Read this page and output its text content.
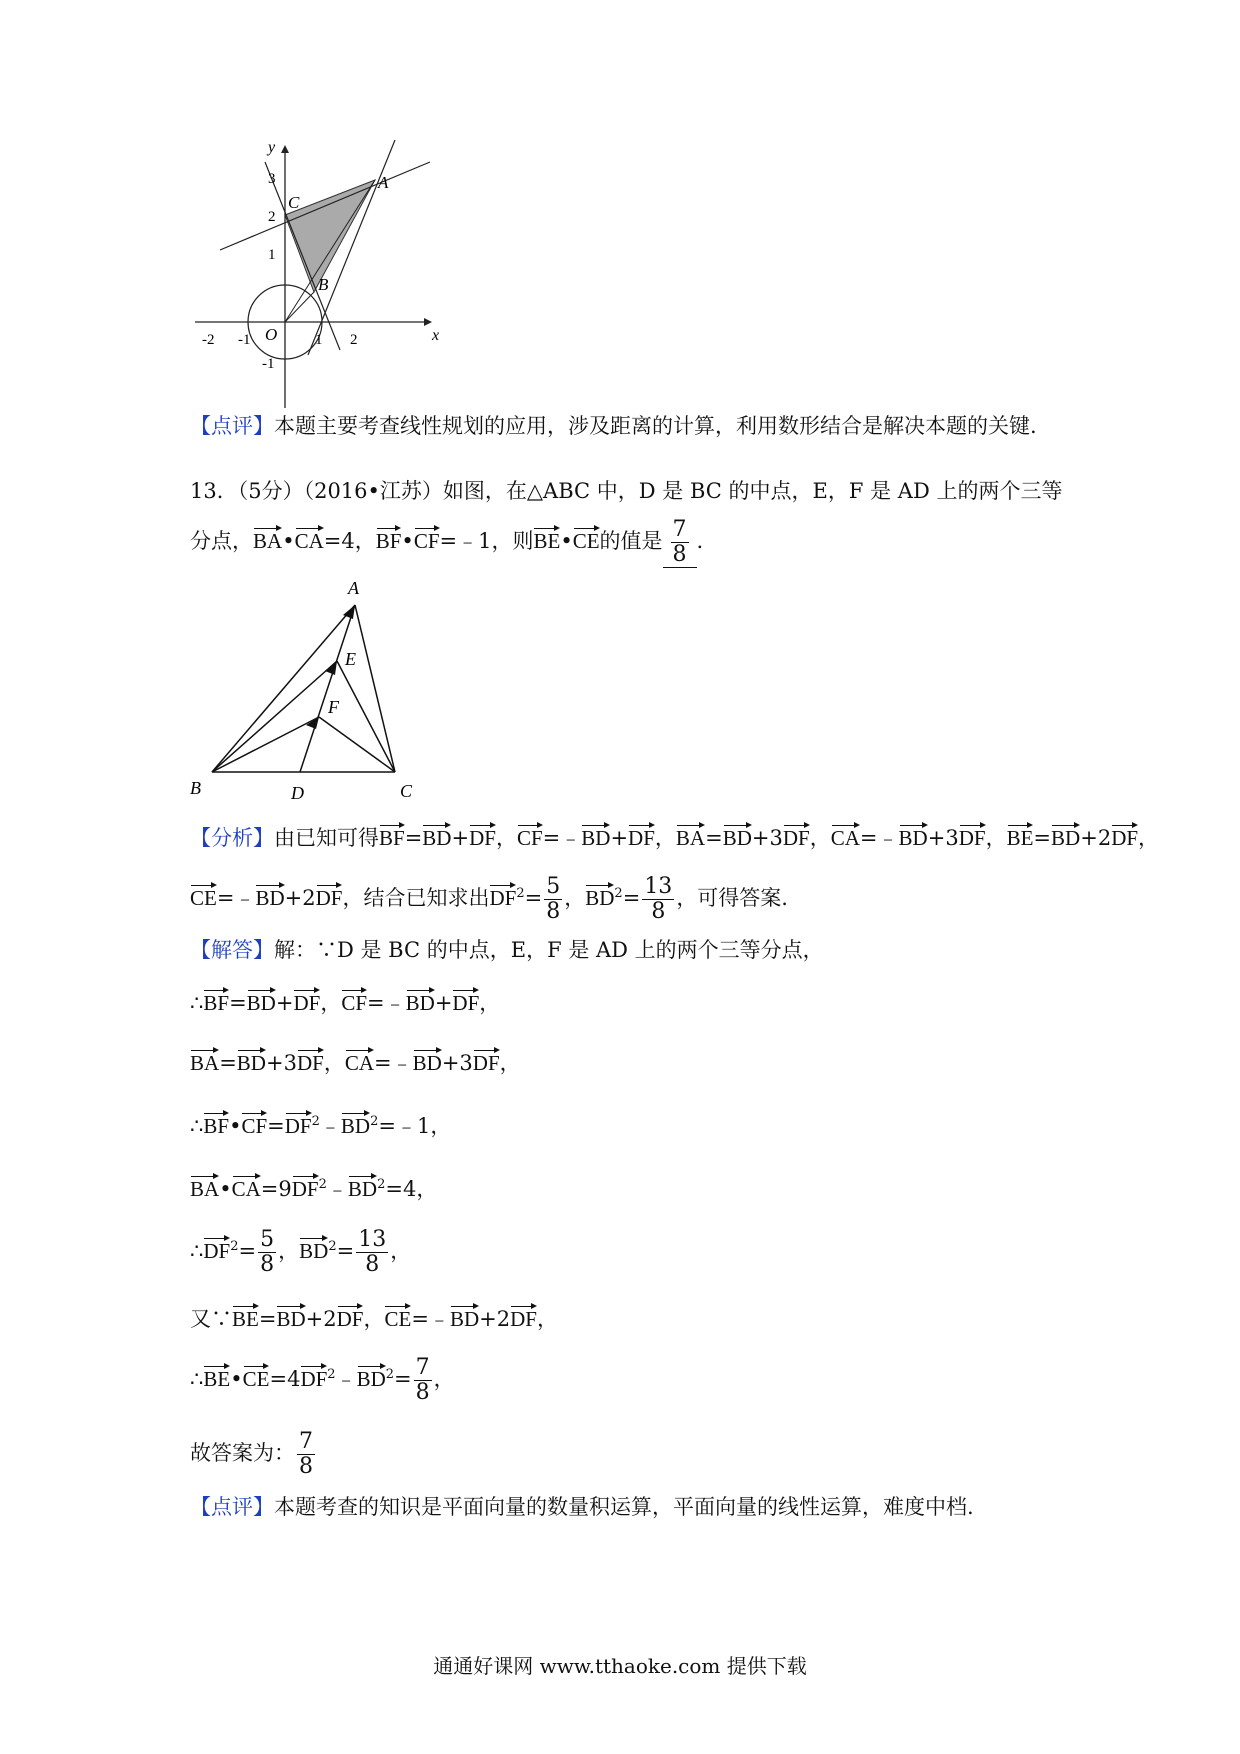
y
x
O
-2 -1	1 2
3
2
1
-1
A
B
C
【点评】本题主要考查线性规划的应用，涉及距离的计算，利用数形结合是解决本题的关键.
13．（5分）（2016•江苏）如图，在△ABC 中，D 是 BC 的中点，E，F 是 AD 上的两个三等
分点，BA•CA=4，BF•CF=﹣1，则BE•CE的值是 $\frac{7}{8}$ .
A
E
F
B	D	C
【分析】由已知可得BF=BD+DF，CF=﹣BD+DF，BA=BD+3DF，CA=﹣BD+3DF，BE=BD+2DF，
CE=﹣BD+2DF，结合已知求出$DF^2= \frac{5}{8}$ ，$BD^2= \frac{13}{8}$ ，可得答案.
【解答】解：∵D 是 BC 的中点，E，F 是 AD 上的两个三等分点，
∴BF=BD+DF，CF=﹣BD+DF，
BA=BD+3DF，CA=﹣BD+3DF，
$\therefore BF•CF=DF^2﹣BD^2=﹣1$，
$BA•CA=9DF^2﹣BD^2=4$，
$\therefore DF^2= \frac{5}{8}$ ，$BD^2= \frac{13}{8}$ ，
又∵BE=BD+2DF，CE=﹣BD+2DF，
$\therefore BE•CE=4DF^2﹣BD^2= \frac{7}{8}$ ，
故答案为： $\frac{7}{8}$
【点评】本题考查的知识是平面向量的数量积运算，平面向量的线性运算，难度中档.
通通好课网 www.tthaoke.com 提供下载
